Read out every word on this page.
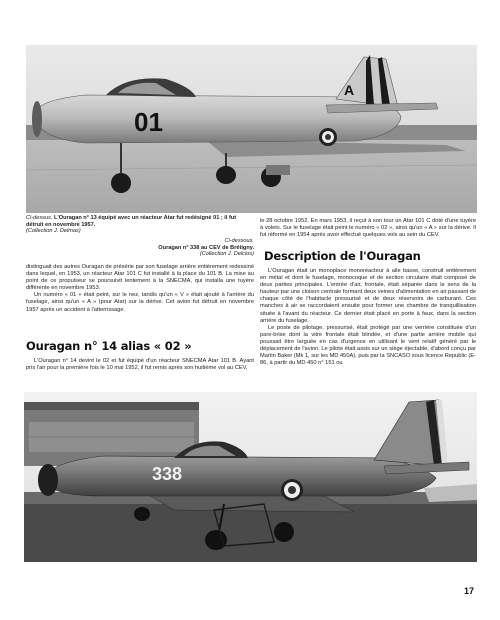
A
01
Ci-dessus. L'Ouragan n° 13 équipé avec un réacteur Atar fut redésigné 01 ; il fut détruit en novembre 1957.
(Collection J. Delmas)
Ci-dessous.
Ouragan n° 338 au CEV de Brétigny.
(Collection J. Delclos)

distinguait des autres Ouragan de présérie par son fuselage arrière entièrement redessiné dans lequel, en 1953, un réacteur Atar 101 C fut installé à la place du 101 B. La mise au point de ce propulseur se poursuivit lentement à la SNECMA, qui installa une tuyère différente en novembre 1953.

Un numéro « 01 » était peint, sur le nez, tandis qu'un « V » était ajouté à l'arrière du fuselage, ainsi qu'un « A » (pour Atar) sur la dérive. Cet avion fut détruit en novembre 1957 après un accident à l'atterrissage.

Ouragan n° 14 alias « 02 »

L'Ouragan n° 14 devint le 02 et fut équipé d'un réacteur SNECMA Atar 101 B. Ayant pris l'air pour la première fois le 10 mai 1952, il fut remis après son huitième vol au CEV,

le 28 octobre 1952. En mars 1953, il reçut à son tour un Atar 101 C doté d'une tuyère à volets. Sur le fuselage était peint le numéro « 02 », ainsi qu'un « A » sur la dérive. Il fut réformé en 1954 après avoir effectué quelques vols au sein du CEV.

Description de l'Ouragan

L'Ouragan était un monoplace monoréacteur à aile basse, construit entièrement en métal et dont le fuselage, monocoque et de section circulaire était composé de deux parties principales. L'entrée d'air, frontale, était séparée dans le sens de la hauteur par une cloison centrale formant deux veines d'alimentation en air passant de chaque côté de l'habitacle pressurisé et de deux réservoirs de carburant. Ces manches à air se raccordaient ensuite pour former une chambre de tranquillisation située à l'avant du réacteur. Ce dernier était placé en porte à faux, dans la section arrière du fuselage.

Le poste de pilotage, pressurisé, était protégé par une verrière constituée d'un pare-brise dont la vitre frontale était blindée, et d'une partie arrière mobile qui poussait être larguée en cas d'urgence en utilisant le vent relatif généré par le déplacement de l'avion. Le pilote était assis sur un siège éjectable, d'abord conçu par Martin Baker (Mk 1, sur les MD 450A), puis par la SNCASO sous licence Republic (E-86, à partir du MD 450 n° 151 ou

338
17
